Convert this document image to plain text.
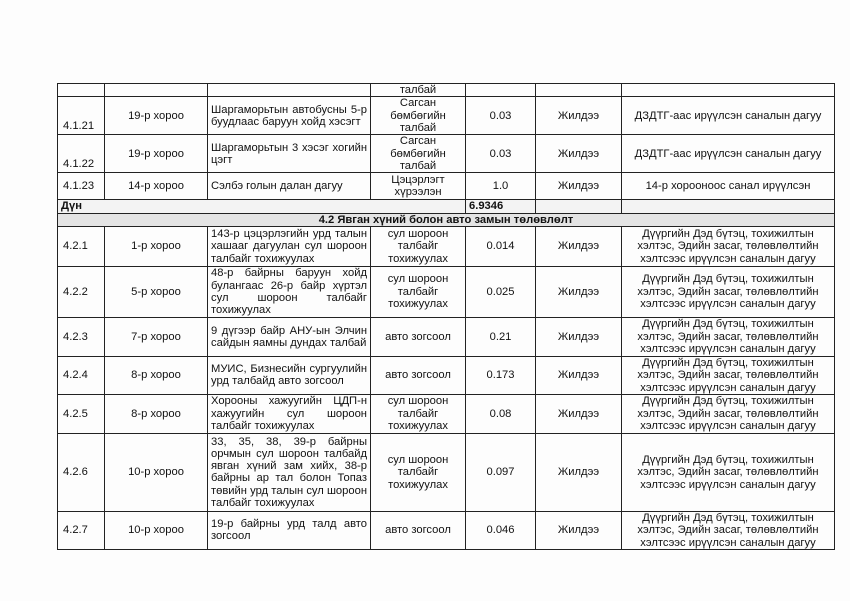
			талбай			
4.1.21	19-р хороо	Шаргаморьтын автобусны 5-р буудлаас баруун хойд хэсэгт	Сагсан бөмбөгийн талбай	0.03	Жилдээ	ДЗДТГ-аас ирүүлсэн саналын дагуу
4.1.22	19-р хороо	Шаргаморьтын 3 хэсэг хогийн цэгт	Сагсан бөмбөгийн талбай	0.03	Жилдээ	ДЗДТГ-аас ирүүлсэн саналын дагуу
4.1.23	14-р хороо	Сэлбэ голын далан дагуу	Цэцэрлэгт хүрээлэн	1.0	Жилдээ	14-р хорооноос санал ирүүлсэн
Дүн				6.9346		
4.2 Явган хүний болон авто замын төлөвлөлт						
4.2.1	1-р хороо	143-р цэцэрлэгийн урд талын хашааг дагуулан сул шороон талбайг тохижуулах	сул шороон талбайг тохижуулах	0.014	Жилдээ	Дүүргийн Дэд бүтэц, тохижилтын хэлтэс, Эдийн засаг, төлөвлөлтийн хэлтсээс ирүүлсэн саналын дагуу
4.2.2	5-р хороо	48-р байрны баруун хойд булангаас 26-р байр хүртэл сул шороон талбайг тохижуулах	сул шороон талбайг тохижуулах	0.025	Жилдээ	Дүүргийн Дэд бүтэц, тохижилтын хэлтэс, Эдийн засаг, төлөвлөлтийн хэлтсээс ирүүлсэн саналын дагуу
4.2.3	7-р хороо	9 дүгээр байр АНУ-ын Элчин сайдын яамны дундах талбай	авто зогсоол	0.21	Жилдээ	Дүүргийн Дэд бүтэц, тохижилтын хэлтэс, Эдийн засаг, төлөвлөлтийн хэлтсээс ирүүлсэн саналын дагуу
4.2.4	8-р хороо	МУИС, Бизнесийн сургуулийн урд талбайд авто зогсоол	авто зогсоол	0.173	Жилдээ	Дүүргийн Дэд бүтэц, тохижилтын хэлтэс, Эдийн засаг, төлөвлөлтийн хэлтсээс ирүүлсэн саналын дагуу
4.2.5	8-р хороо	Хорооны хажуугийн ЦДП-н хажуугийн сул шороон талбайг тохижуулах	сул шороон талбайг тохижуулах	0.08	Жилдээ	Дүүргийн Дэд бүтэц, тохижилтын хэлтэс, Эдийн засаг, төлөвлөлтийн хэлтсээс ирүүлсэн саналын дагуу
4.2.6	10-р хороо	33, 35, 38, 39-р байрны орчмын сул шороон талбайд явган хүний зам хийх, 38-р байрны ар тал болон Топаз төвийн урд талын сул шороон талбайг тохижуулах	сул шороон талбайг тохижуулах	0.097	Жилдээ	Дүүргийн Дэд бүтэц, тохижилтын хэлтэс, Эдийн засаг, төлөвлөлтийн хэлтсээс ирүүлсэн саналын дагуу
4.2.7	10-р хороо	19-р байрны урд талд авто зогсоол	авто зогсоол	0.046	Жилдээ	Дүүргийн Дэд бүтэц, тохижилтын хэлтэс, Эдийн засаг, төлөвлөлтийн хэлтсээс ирүүлсэн саналын дагуу
